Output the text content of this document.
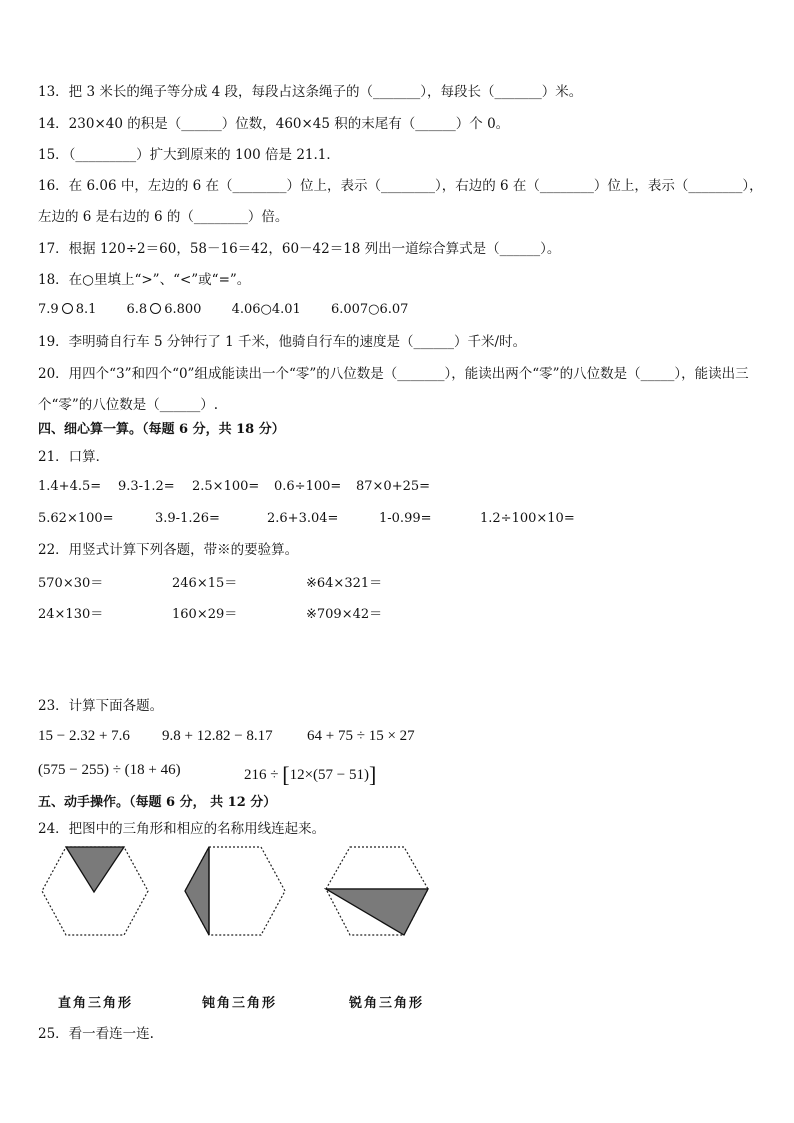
13．把 3 米长的绳子等分成 4 段，每段占这条绳子的（_______），每段长（_______）米。
14．230×40 的积是（______）位数，460×45 积的末尾有（______）个 0。
15．（_________）扩大到原来的 100 倍是 21.1．
16．在 6.06 中，左边的 6 在（________）位上，表示（________），右边的 6 在（________）位上，表示（________），
左边的 6 是右边的 6 的（________）倍。
17．根据 120÷2＝60，58－16＝42，60－42＝18 列出一道综合算式是（______）。
18．在○里填上“>”、“<”或“=”。
7.9 8.1 6.8 6.800 4.06○4.01 6.007○6.07
19．李明骑自行车 5 分钟行了 1 千米，他骑自行车的速度是（______）千米/时。
20．用四个“3”和四个“0”组成能读出一个“零”的八位数是（_______），能读出两个“零”的八位数是（_____），能读出三
个“零”的八位数是（______）.
四、细心算一算。（每题 6 分，共 18 分）
21．口算．
1.4+4.5= 9.3-1.2= 2.5×100= 0.6÷100= 87×0+25=
5.62×100=	3.9-1.26=	2.6+3.04=	1-0.99=	1.2÷100×10=
22．用竖式计算下列各题，带※的要验算。
570×30＝	246×15＝	※64×321＝
24×130＝	160×29＝	※709×42＝
23．计算下面各题。
15 − 2.32 + 7.6 9.8 + 12.82 − 8.17 64 + 75 ÷ 15 × 27
(575 − 255) ÷ (18 + 46)	216 ÷ [12×(57 − 51)]
五、动手操作。（每题 6 分， 共 12 分）
24．把图中的三角形和相应的名称用线连起来。
直角三角形	钝角三角形	锐角三角形
25．看一看连一连.
